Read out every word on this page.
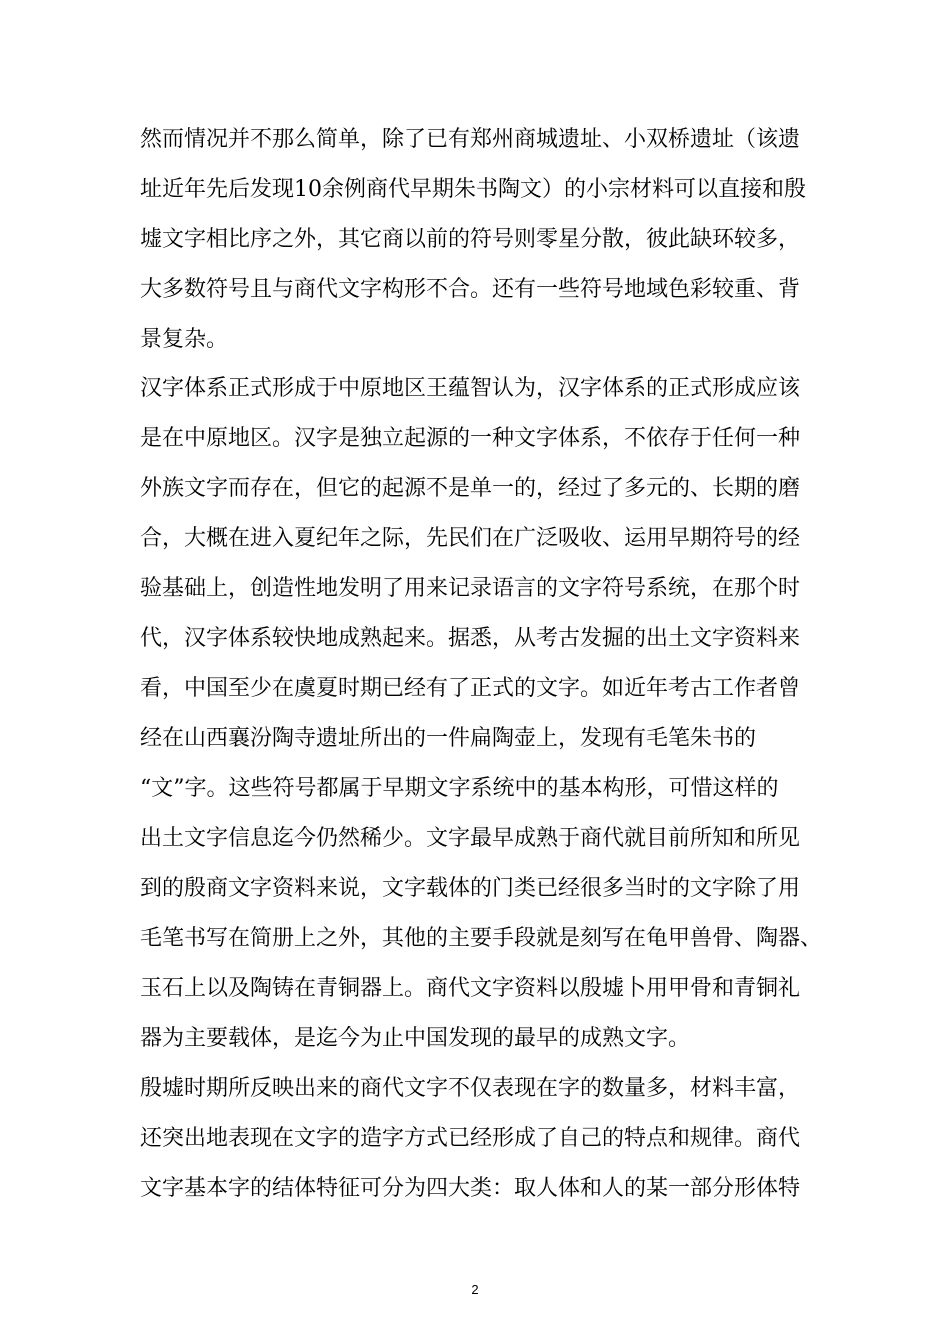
然而情况并不那么简单，除了已有郑州商城遗址、小双桥遗址（该遗

址近年先后发现10余例商代早期朱书陶文）的小宗材料可以直接和殷

墟文字相比序之外，其它商以前的符号则零星分散，彼此缺环较多，

大多数符号且与商代文字构形不合。还有一些符号地域色彩较重、背

景复杂。

汉字体系正式形成于中原地区王蕴智认为，汉字体系的正式形成应该

是在中原地区。汉字是独立起源的一种文字体系，不依存于任何一种

外族文字而存在，但它的起源不是单一的，经过了多元的、长期的磨

合，大概在进入夏纪年之际，先民们在广泛吸收、运用早期符号的经

验基础上，创造性地发明了用来记录语言的文字符号系统，在那个时

代，汉字体系较快地成熟起来。据悉，从考古发掘的出土文字资料来

看，中国至少在虞夏时期已经有了正式的文字。如近年考古工作者曾

经在山西襄汾陶寺遗址所出的一件扁陶壶上，发现有毛笔朱书的

“文”字。这些符号都属于早期文字系统中的基本构形，可惜这样的

出土文字信息迄今仍然稀少。文字最早成熟于商代就目前所知和所见

到的殷商文字资料来说，文字载体的门类已经很多当时的文字除了用

毛笔书写在简册上之外，其他的主要手段就是刻写在龟甲兽骨、陶器、

玉石上以及陶铸在青铜器上。商代文字资料以殷墟卜用甲骨和青铜礼

器为主要载体，是迄今为止中国发现的最早的成熟文字。

殷墟时期所反映出来的商代文字不仅表现在字的数量多，材料丰富，

还突出地表现在文字的造字方式已经形成了自己的特点和规律。商代

文字基本字的结体特征可分为四大类：取人体和人的某一部分形体特

2
